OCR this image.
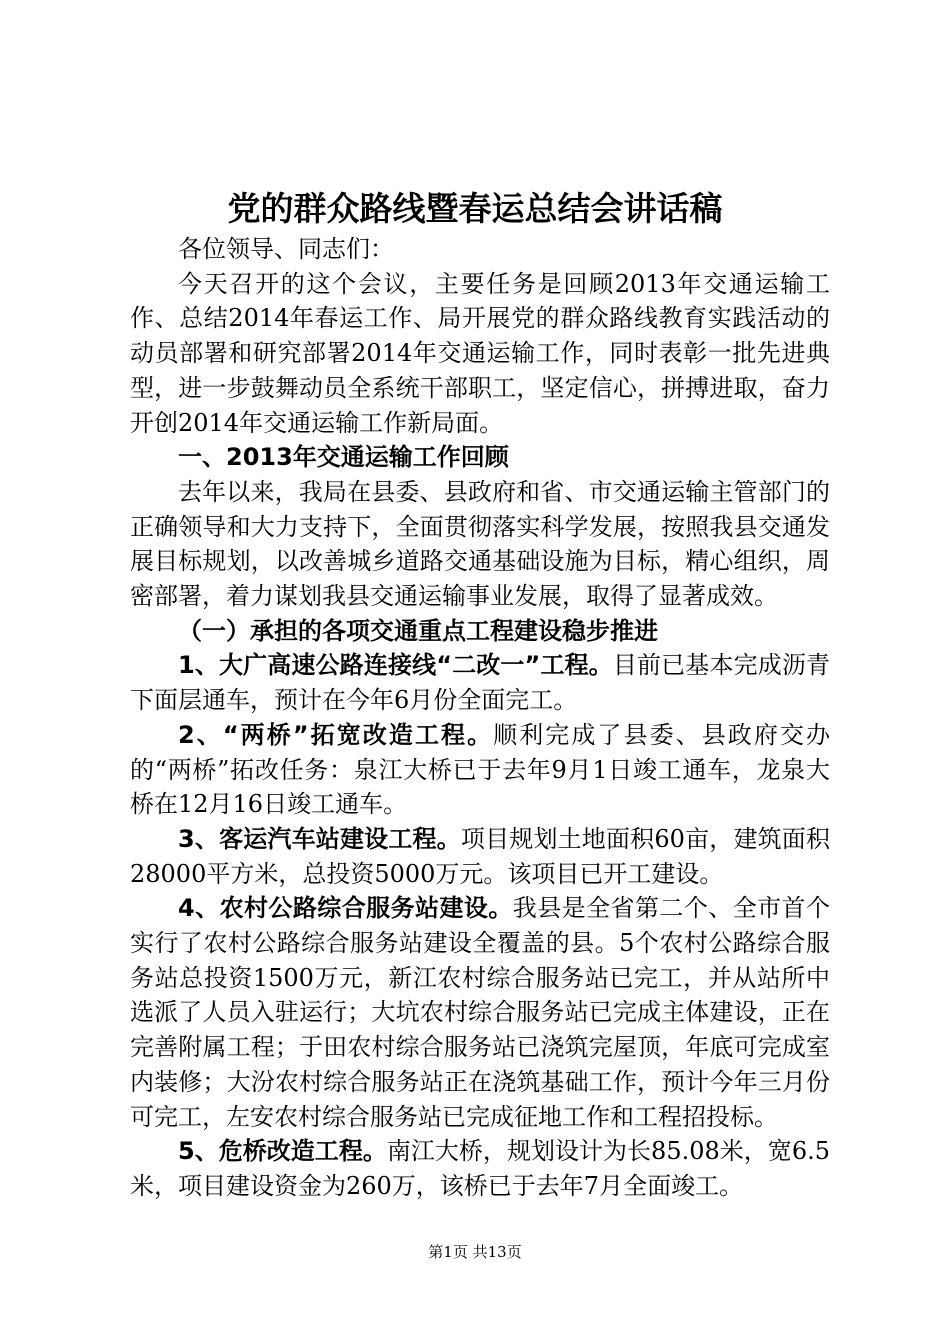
党的群众路线暨春运总结会讲话稿

各位领导、同志们：

今天召开的这个会议，主要任务是回顾2013年交通运输工作、总结2014年春运工作、局开展党的群众路线教育实践活动的动员部署和研究部署2014年交通运输工作，同时表彰一批先进典型，进一步鼓舞动员全系统干部职工，坚定信心，拼搏进取，奋力开创2014年交通运输工作新局面。

一、2013年交通运输工作回顾

去年以来，我局在县委、县政府和省、市交通运输主管部门的正确领导和大力支持下，全面贯彻落实科学发展，按照我县交通发展目标规划，以改善城乡道路交通基础设施为目标，精心组织，周密部署，着力谋划我县交通运输事业发展，取得了显著成效。

（一）承担的各项交通重点工程建设稳步推进

1、大广高速公路连接线“二改一”工程。目前已基本完成沥青下面层通车，预计在今年6月份全面完工。

2、“两桥”拓宽改造工程。顺利完成了县委、县政府交办的“两桥”拓改任务：泉江大桥已于去年9月1日竣工通车，龙泉大桥在12月16日竣工通车。

3、客运汽车站建设工程。项目规划土地面积60亩，建筑面积28000平方米，总投资5000万元。该项目已开工建设。

4、农村公路综合服务站建设。我县是全省第二个、全市首个实行了农村公路综合服务站建设全覆盖的县。5个农村公路综合服务站总投资1500万元，新江农村综合服务站已完工，并从站所中选派了人员入驻运行；大坑农村综合服务站已完成主体建设，正在完善附属工程；于田农村综合服务站已浇筑完屋顶，年底可完成室内装修；大汾农村综合服务站正在浇筑基础工作，预计今年三月份可完工，左安农村综合服务站已完成征地工作和工程招投标。

5、危桥改造工程。南江大桥，规划设计为长85.08米，宽6.5米，项目建设资金为260万，该桥已于去年7月全面竣工。

第1页 共13页
